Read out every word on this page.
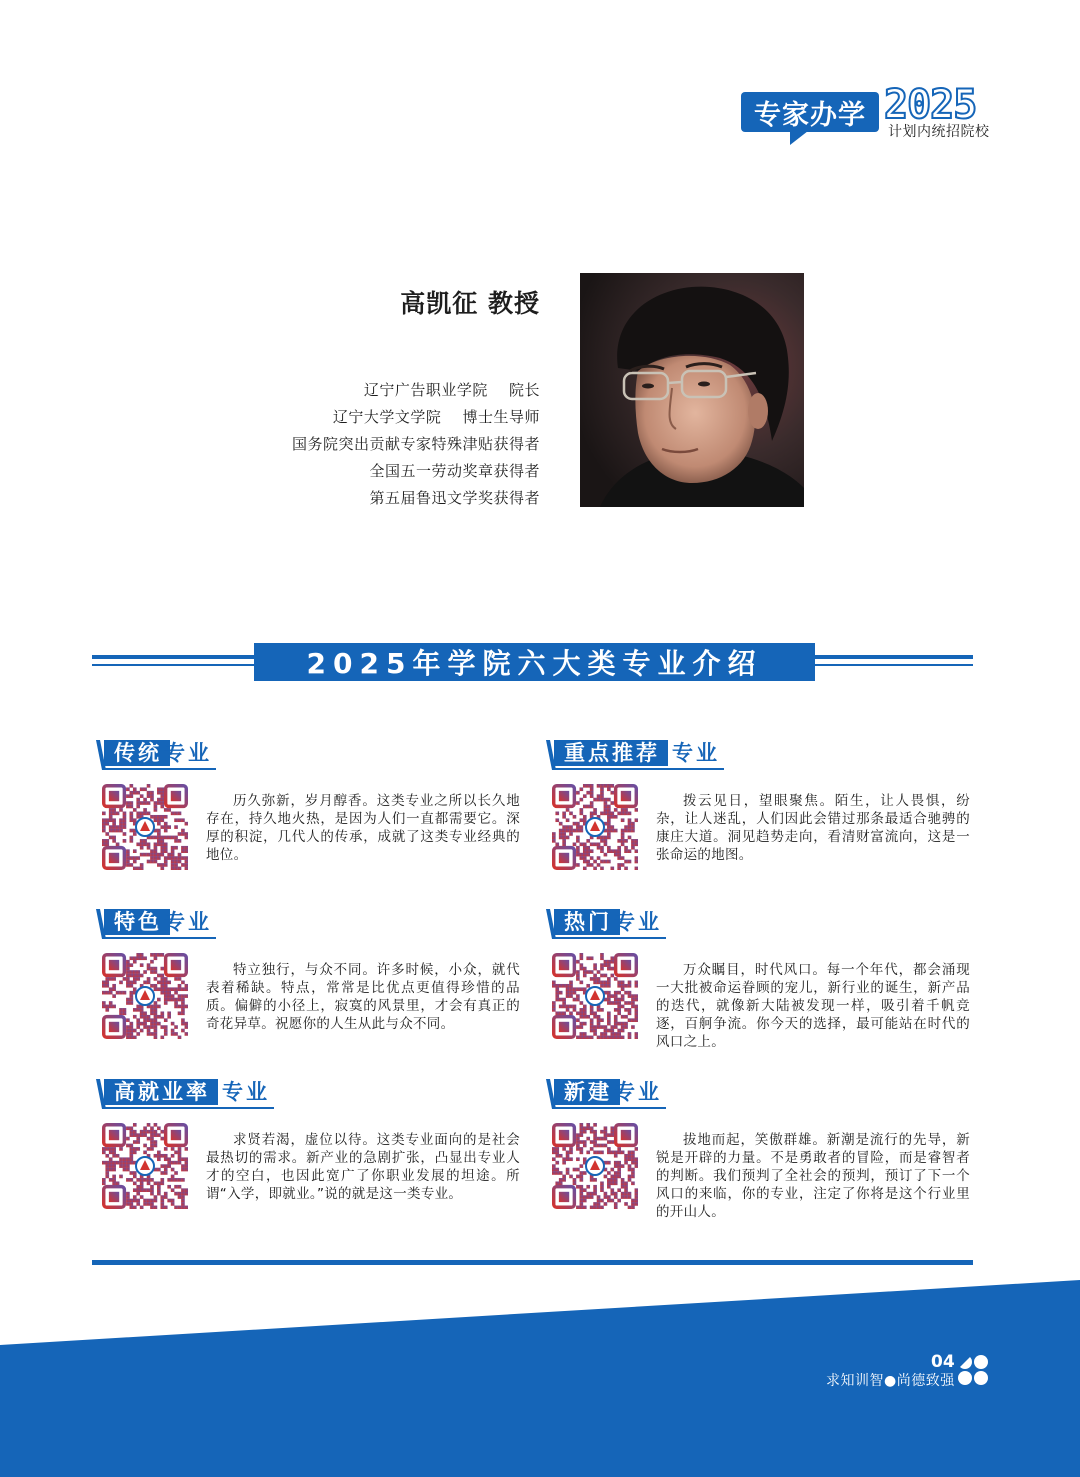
专家办学 2025
计划内统招院校
高凯征 教授
辽宁广告职业学院    院长
辽宁大学文学院    博士生导师
国务院突出贡献专家特殊津贴获得者
全国五一劳动奖章获得者
第五届鲁迅文学奖获得者
2025年学院六大类专业介绍
传统 专业
历久弥新，岁月醇香。这类专业之所以长久地存在，持久地火热，是因为人们一直都需要它。深厚的积淀，几代人的传承，成就了这类专业经典的地位。
重点推荐 专业
拨云见日，望眼聚焦。陌生，让人畏惧，纷杂，让人迷乱，人们因此会错过那条最适合驰骋的康庄大道。洞见趋势走向，看清财富流向，这是一张命运的地图。
特色 专业
特立独行，与众不同。许多时候，小众，就代表着稀缺。特点，常常是比优点更值得珍惜的品质。偏僻的小径上，寂寞的风景里，才会有真正的奇花异草。祝愿你的人生从此与众不同。
热门 专业
万众瞩目，时代风口。每一个年代，都会涌现一大批被命运眷顾的宠儿，新行业的诞生，新产品的迭代，就像新大陆被发现一样，吸引着千帆竞逐，百舸争流。你今天的选择，最可能站在时代的风口之上。
高就业率 专业
求贤若渴，虚位以待。这类专业面向的是社会最热切的需求。新产业的急剧扩张，凸显出专业人才的空白，也因此宽广了你职业发展的坦途。所谓“入学，即就业。”说的就是这一类专业。
新建 专业
拔地而起，笑傲群雄。新潮是流行的先导，新锐是开辟的力量。不是勇敢者的冒险，而是睿智者的判断。我们预判了全社会的预判，预订了下一个风口的来临，你的专业，注定了你将是这个行业里的开山人。
04
求知训智●尚德致强
